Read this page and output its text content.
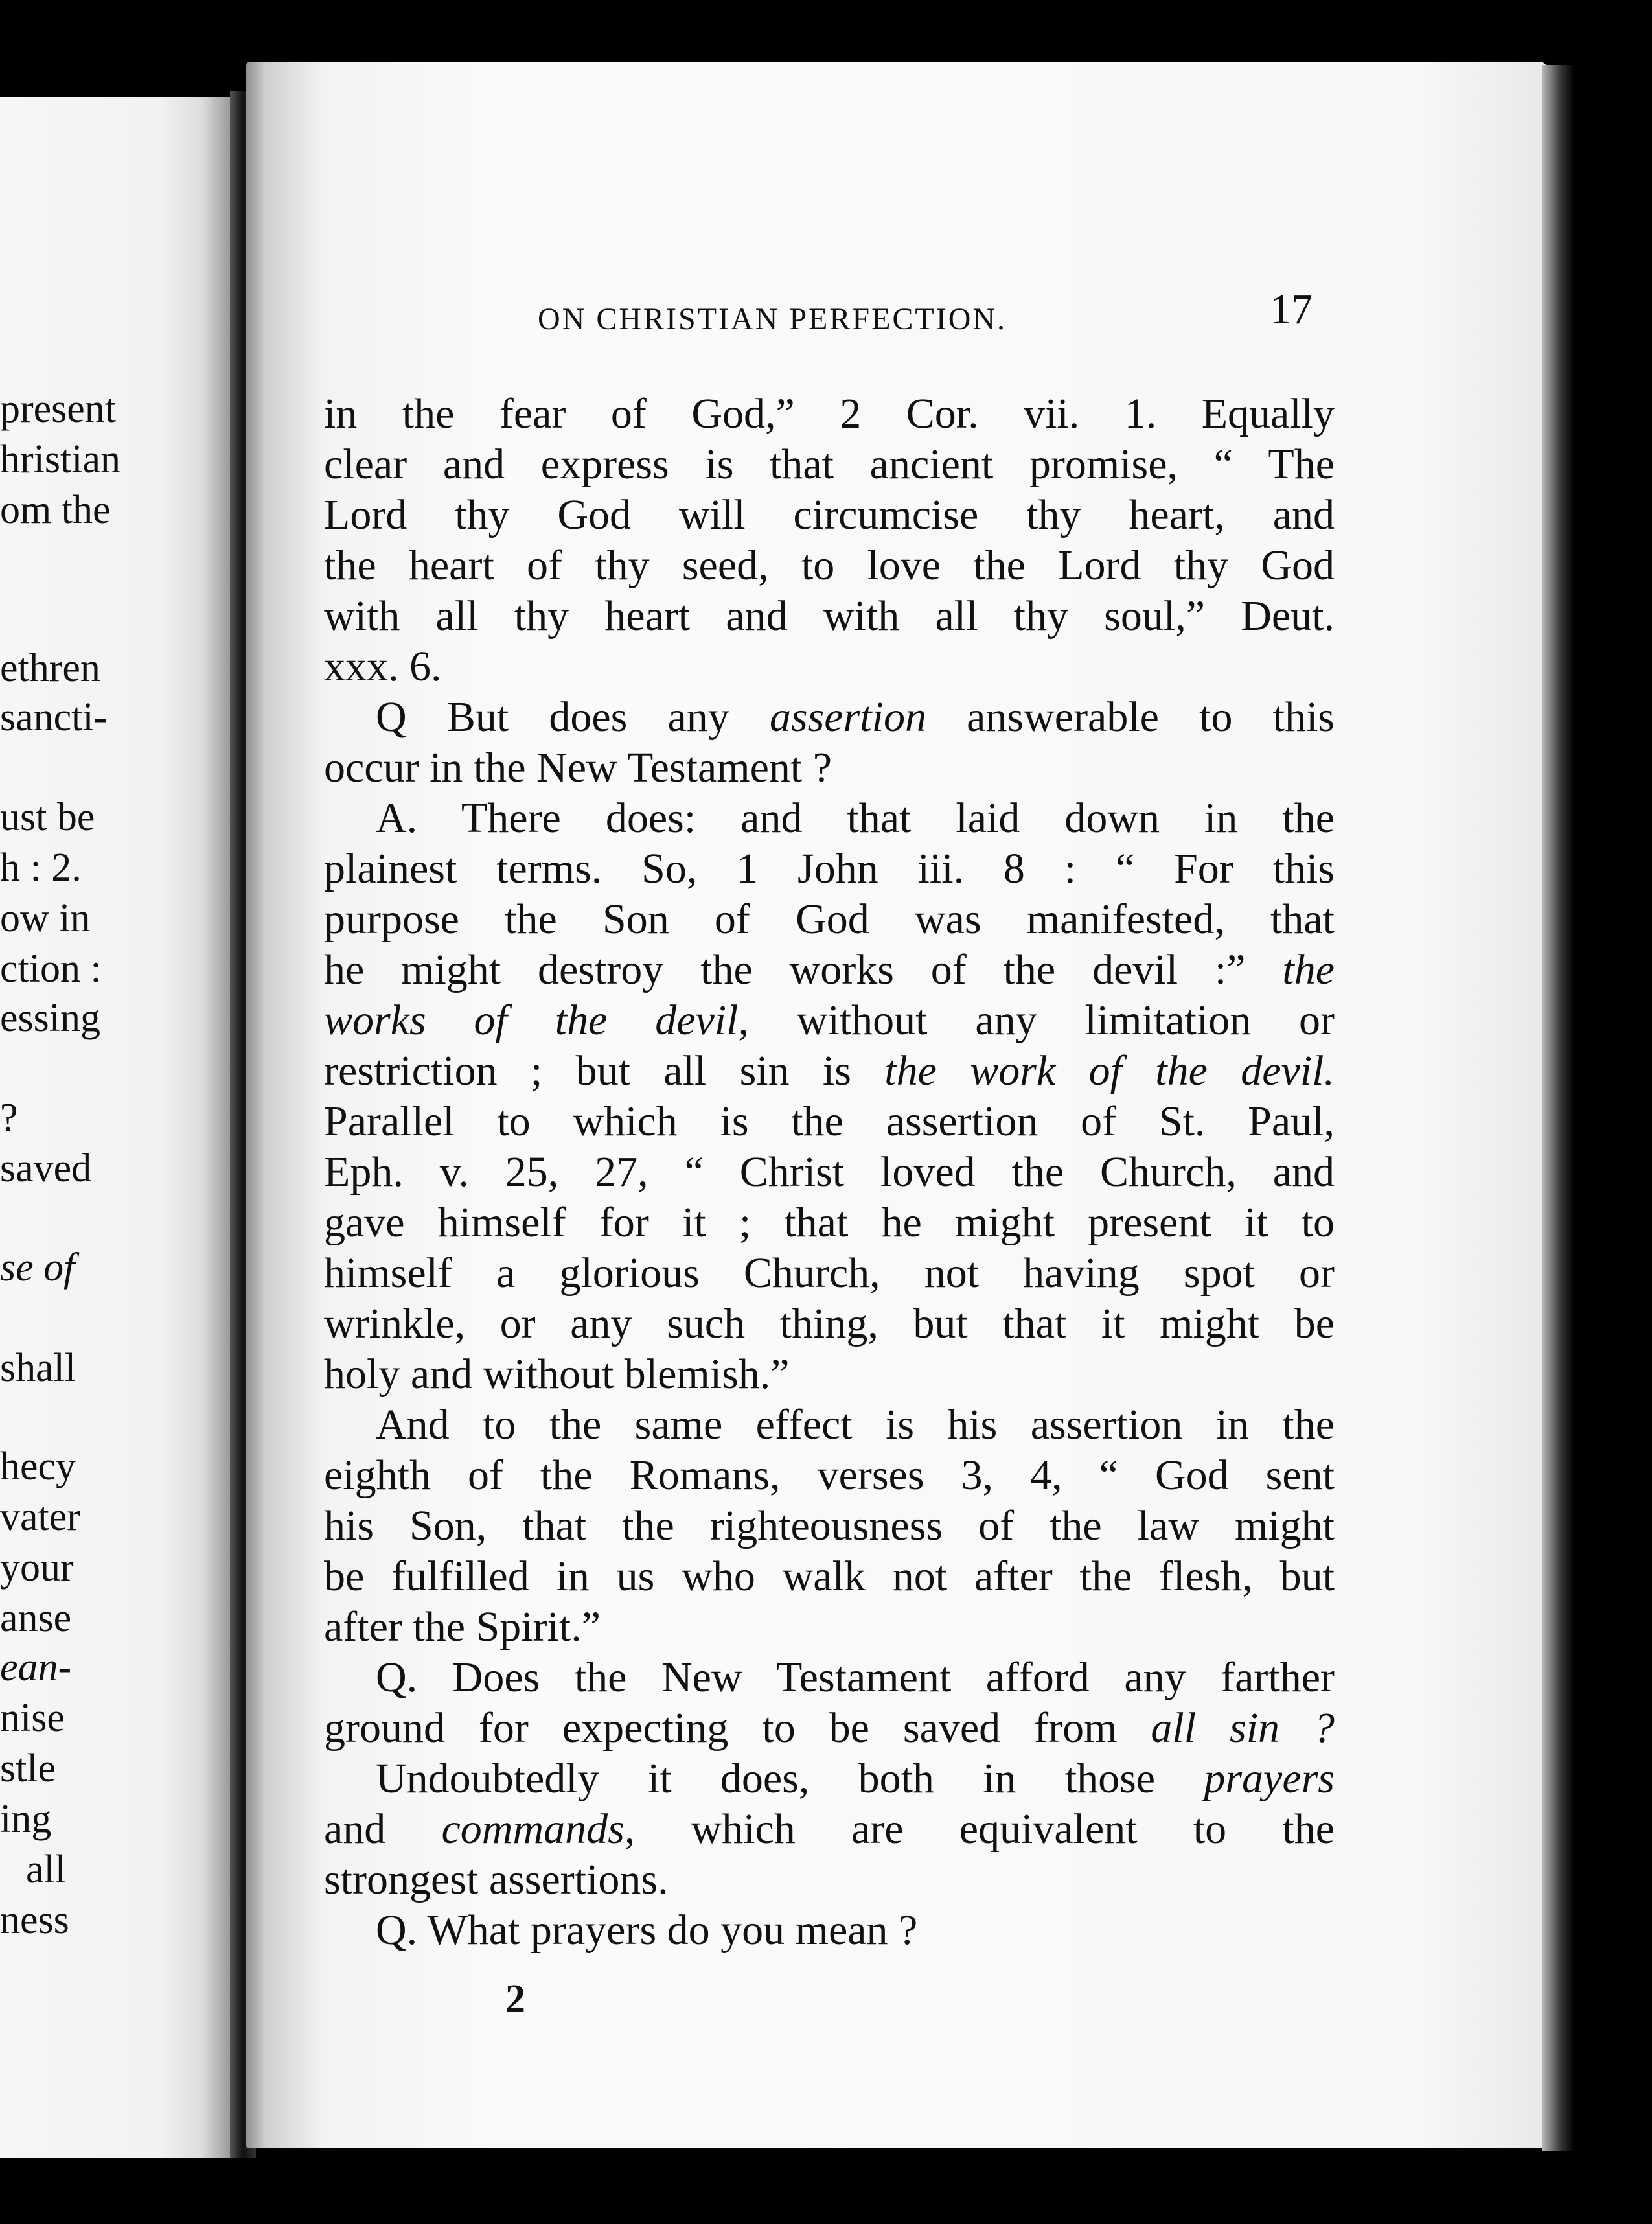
present
hristian
om the
ethren
sancti-
ust be
h : 2.
ow in
ction :
essing
?
saved
se of
shall
hecy
vater
your
anse
ean-
nise
stle
ing
all
ness
ON CHRISTIAN PERFECTION.	17
in the fear of God,” 2 Cor. vii. 1. Equally
clear and express is that ancient promise, “ The
Lord thy God will circumcise thy heart, and
the heart of thy seed, to love the Lord thy God
with all thy heart and with all thy soul,” Deut.
xxx. 6.
Q But does any assertion answerable to this
occur in the New Testament ?
A. There does: and that laid down in the
plainest terms. So, 1 John iii. 8 : “ For this
purpose the Son of God was manifested, that
he might destroy the works of the devil :” the
works of the devil, without any limitation or
restriction ; but all sin is the work of the devil.
Parallel to which is the assertion of St. Paul,
Eph. v. 25, 27, “ Christ loved the Church, and
gave himself for it ; that he might present it to
himself a glorious Church, not having spot or
wrinkle, or any such thing, but that it might be
holy and without blemish.”
And to the same effect is his assertion in the
eighth of the Romans, verses 3, 4, “ God sent
his Son, that the righteousness of the law might
be fulfilled in us who walk not after the flesh, but
after the Spirit.”
Q. Does the New Testament afford any farther
ground for expecting to be saved from all sin ?
Undoubtedly it does, both in those prayers
and commands, which are equivalent to the
strongest assertions.
Q. What prayers do you mean ?
2
